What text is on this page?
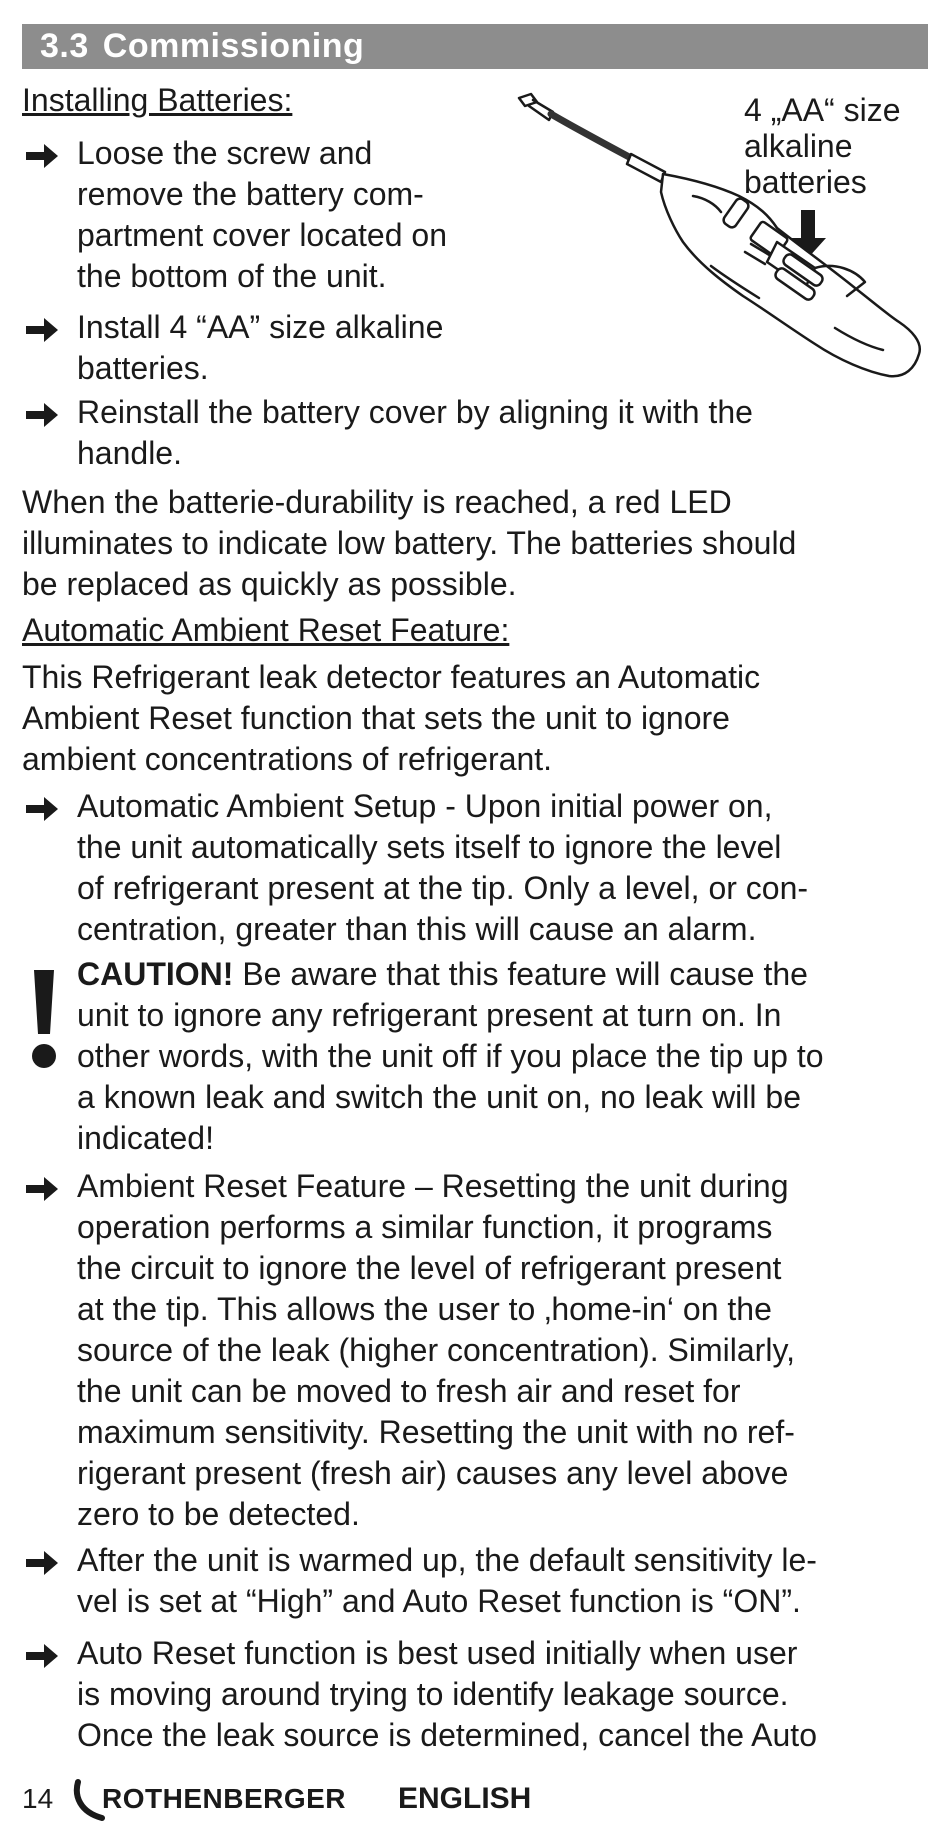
3.3 Commissioning
Installing Batteries:
Loose the screw and
remove the battery com-
partment cover located on
the bottom of the unit.
Install 4 “AA” size alkaline
batteries.
Reinstall the battery cover by aligning it with the
handle.
4 „AA“ size
alkaline
batteries
When the batterie-durability is reached, a red LED
illuminates to indicate low battery. The batteries should
be replaced as quickly as possible.
Automatic Ambient Reset Feature:
This Refrigerant leak detector features an Automatic
Ambient Reset function that sets the unit to ignore
ambient concentrations of refrigerant.
Automatic Ambient Setup - Upon initial power on,
the unit automatically sets itself to ignore the level
of refrigerant present at the tip. Only a level, or con-
centration, greater than this will cause an alarm.
CAUTION! Be aware that this feature will cause the
unit to ignore any refrigerant present at turn on. In
other words, with the unit off if you place the tip up to
a known leak and switch the unit on, no leak will be
indicated!
Ambient Reset Feature – Resetting the unit during
operation performs a similar function, it programs
the circuit to ignore the level of refrigerant present
at the tip. This allows the user to ‚home-in‘ on the
source of the leak (higher concentration). Similarly,
the unit can be moved to fresh air and reset for
maximum sensitivity. Resetting the unit with no ref-
rigerant present (fresh air) causes any level above
zero to be detected.
After the unit is warmed up, the default sensitivity le-
vel is set at “High” and Auto Reset function is “ON”.
Auto Reset function is best used initially when user
is moving around trying to identify leakage source.
Once the leak source is determined, cancel the Auto
14 ROTHENBERGER ENGLISH
